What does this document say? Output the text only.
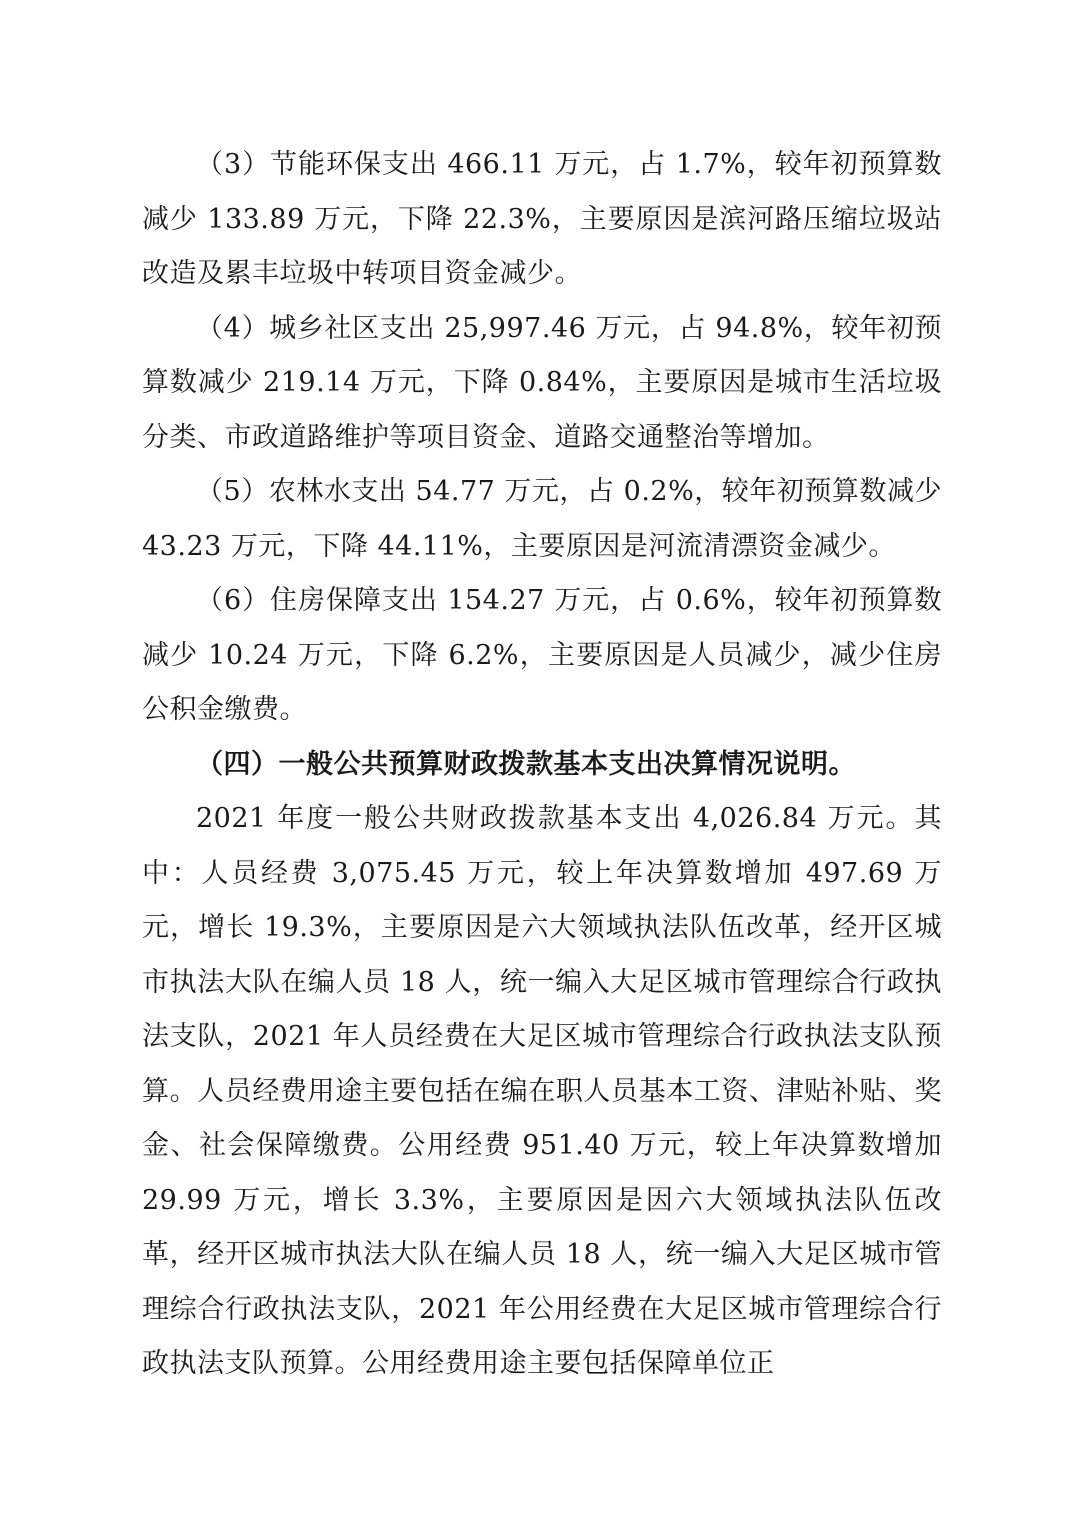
（3）节能环保支出 466.11 万元，占 1.7%，较年初预算数减少 133.89 万元，下降 22.3%，主要原因是滨河路压缩垃圾站改造及累丰垃圾中转项目资金减少。

（4）城乡社区支出 25,997.46 万元，占 94.8%，较年初预算数减少 219.14 万元，下降 0.84%，主要原因是城市生活垃圾分类、市政道路维护等项目资金、道路交通整治等增加。

（5）农林水支出 54.77 万元，占 0.2%，较年初预算数减少 43.23 万元，下降 44.11%，主要原因是河流清漂资金减少。

（6）住房保障支出 154.27 万元，占 0.6%，较年初预算数减少 10.24 万元，下降 6.2%，主要原因是人员减少，减少住房公积金缴费。

（四）一般公共预算财政拨款基本支出决算情况说明。

2021 年度一般公共财政拨款基本支出 4,026.84 万元。其中：人员经费 3,075.45 万元，较上年决算数增加 497.69 万元，增长 19.3%，主要原因是六大领域执法队伍改革，经开区城市执法大队在编人员 18 人，统一编入大足区城市管理综合行政执法支队，2021 年人员经费在大足区城市管理综合行政执法支队预算。人员经费用途主要包括在编在职人员基本工资、津贴补贴、奖金、社会保障缴费。公用经费 951.40 万元，较上年决算数增加 29.99 万元，增长 3.3%，主要原因是因六大领域执法队伍改革，经开区城市执法大队在编人员 18 人，统一编入大足区城市管理综合行政执法支队，2021 年公用经费在大足区城市管理综合行政执法支队预算。公用经费用途主要包括保障单位正
